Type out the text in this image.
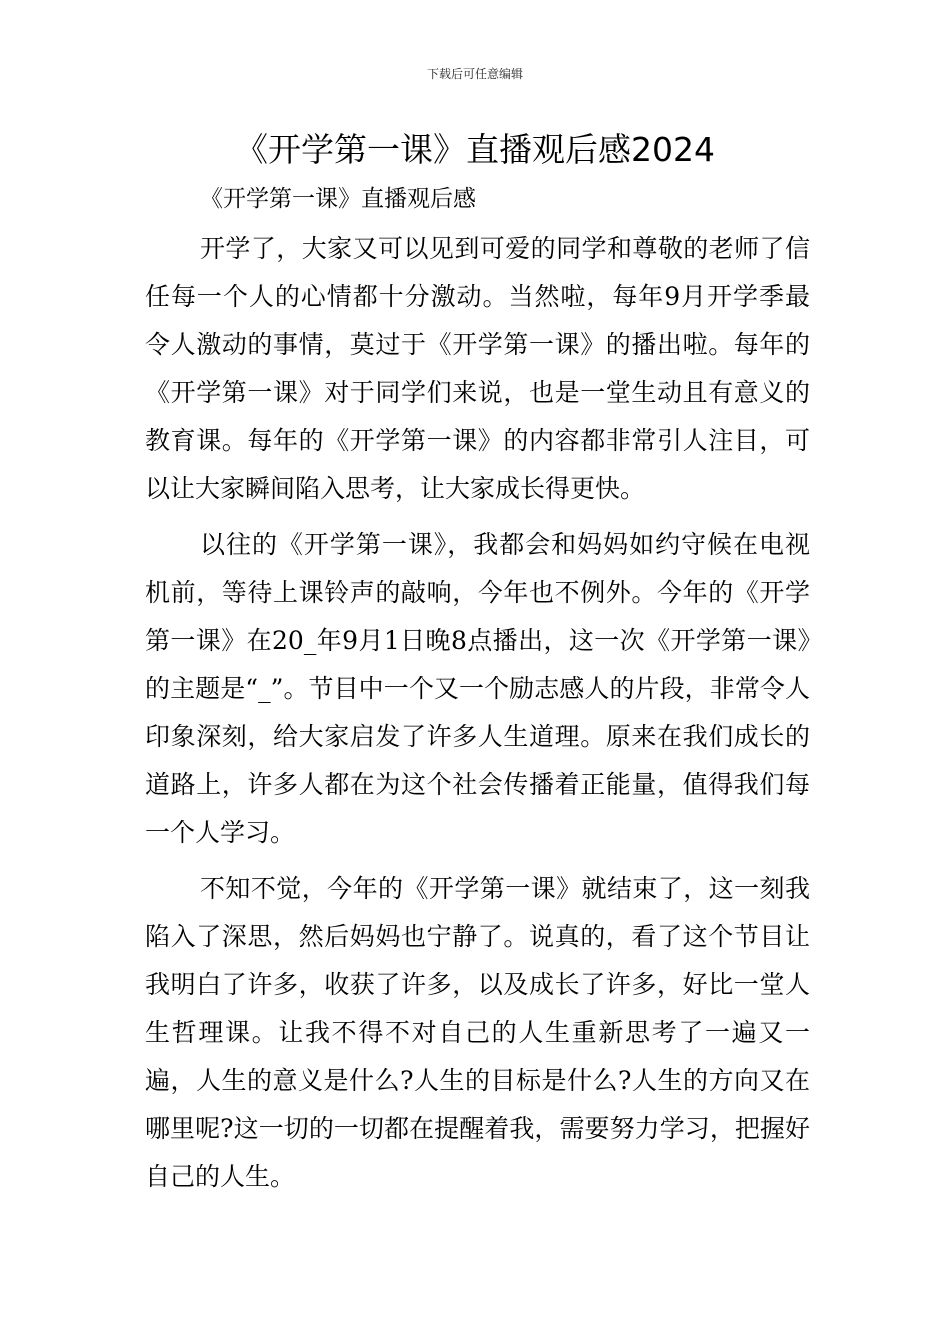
下载后可任意编辑
《开学第一课》直播观后感2024
《开学第一课》直播观后感

开学了，大家又可以见到可爱的同学和尊敬的老师了信任每一个人的心情都十分激动。当然啦，每年9月开学季最令人激动的事情，莫过于《开学第一课》的播出啦。每年的《开学第一课》对于同学们来说，也是一堂生动且有意义的教育课。每年的《开学第一课》的内容都非常引人注目，可以让大家瞬间陷入思考，让大家成长得更快。

以往的《开学第一课》，我都会和妈妈如约守候在电视机前，等待上课铃声的敲响，今年也不例外。今年的《开学第一课》在20_年9月1日晚8点播出，这一次《开学第一课》的主题是“_”。节目中一个又一个励志感人的片段，非常令人印象深刻，给大家启发了许多人生道理。原来在我们成长的道路上，许多人都在为这个社会传播着正能量，值得我们每一个人学习。

不知不觉，今年的《开学第一课》就结束了，这一刻我陷入了深思，然后妈妈也宁静了。说真的，看了这个节目让我明白了许多，收获了许多，以及成长了许多，好比一堂人生哲理课。让我不得不对自己的人生重新思考了一遍又一遍，人生的意义是什么?人生的目标是什么?人生的方向又在哪里呢?这一切的一切都在提醒着我，需要努力学习，把握好自己的人生。
